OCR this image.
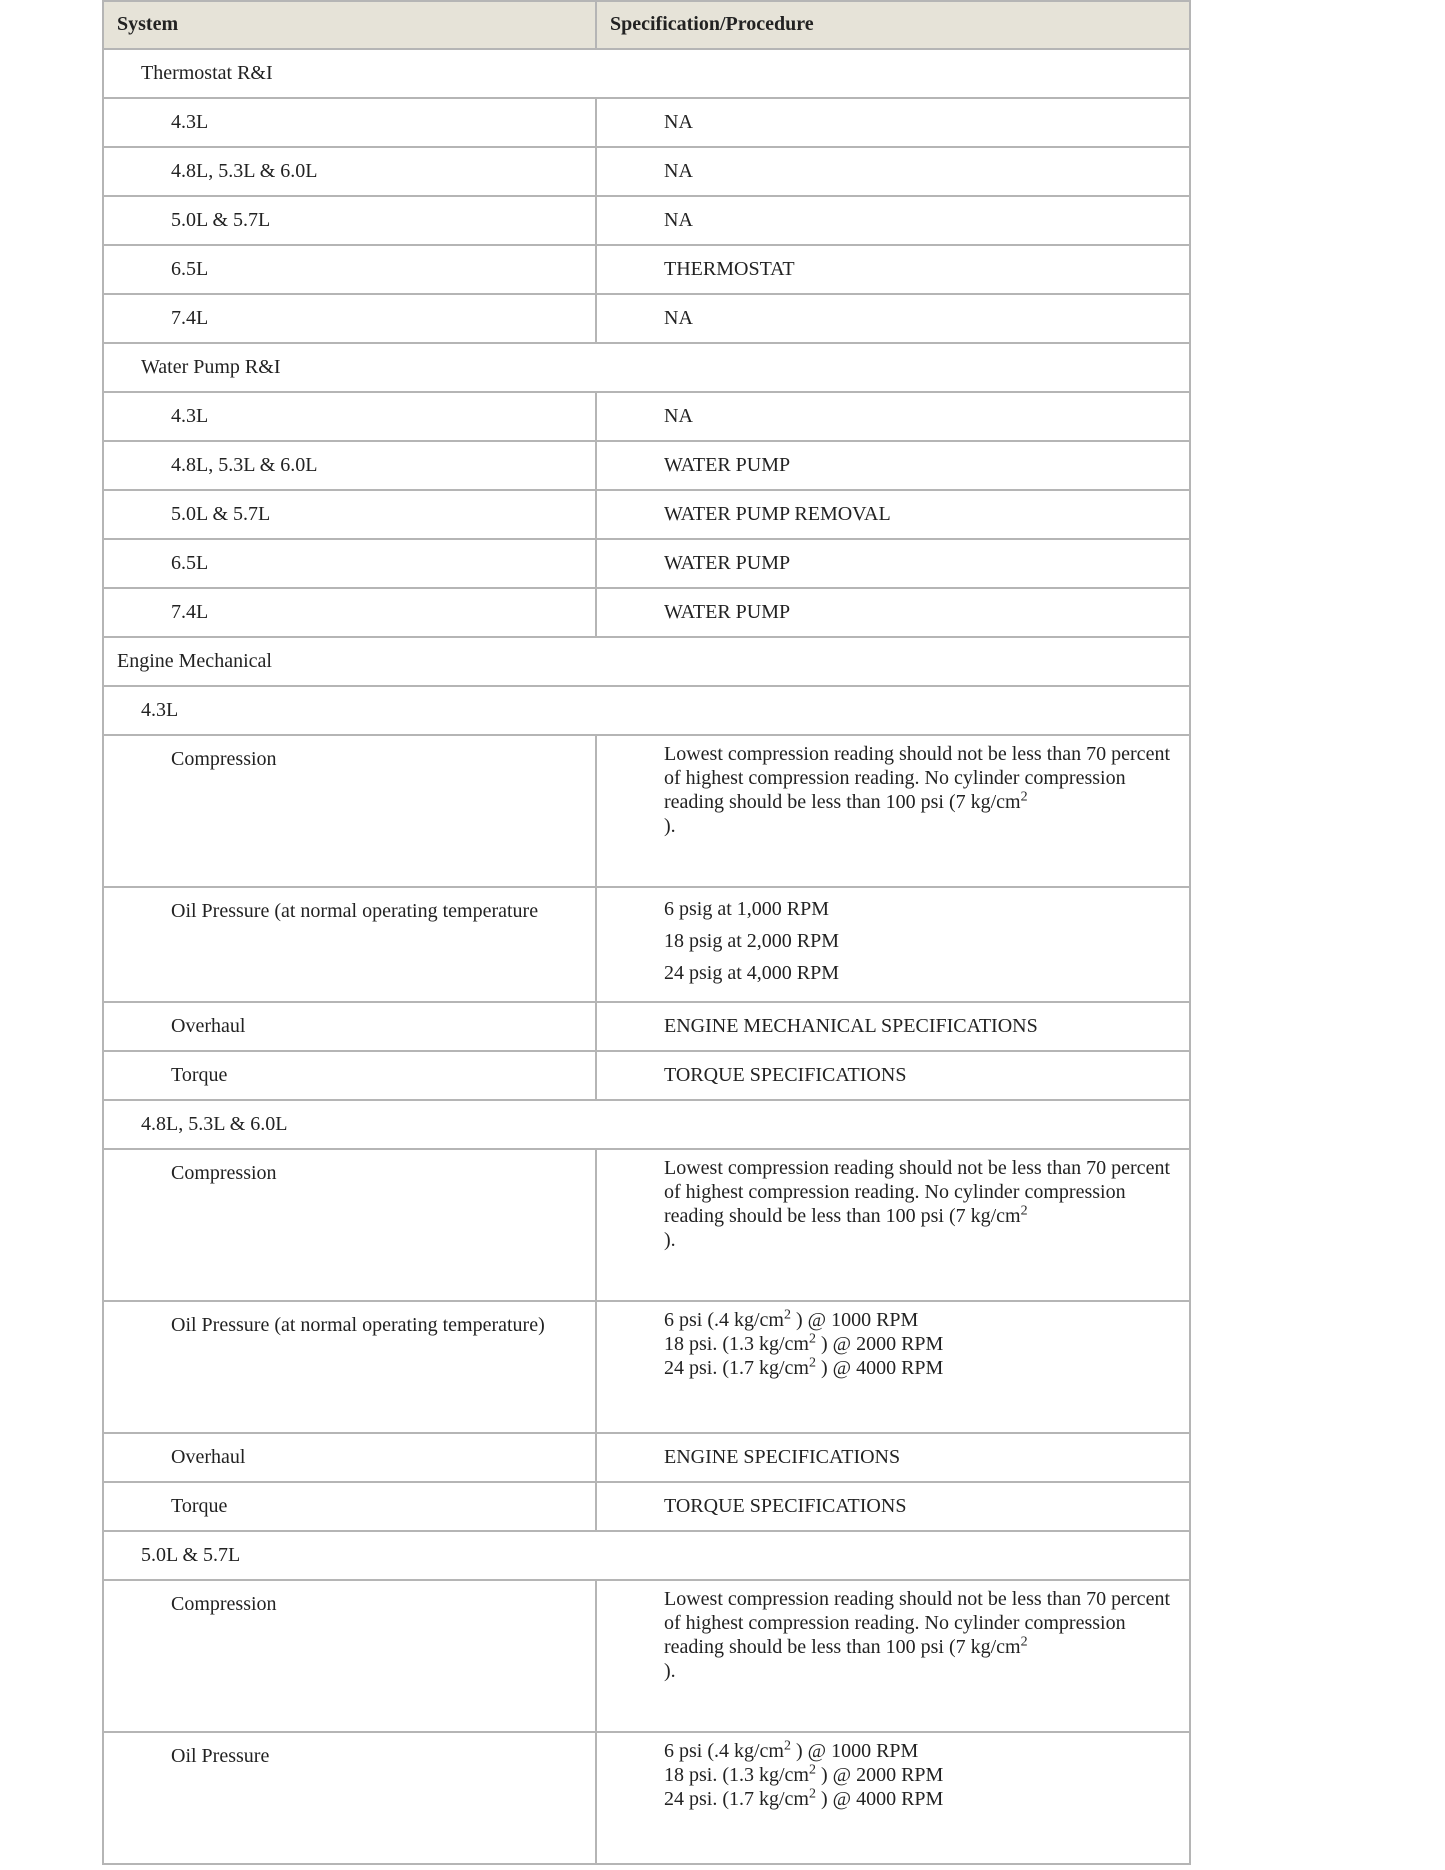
System	Specification/Procedure
Thermostat R&I	
4.3L	NA
4.8L, 5.3L & 6.0L	NA
5.0L & 5.7L	NA
6.5L	THERMOSTAT
7.4L	NA
Water Pump R&I	
4.3L	NA
4.8L, 5.3L & 6.0L	WATER PUMP
5.0L & 5.7L	WATER PUMP REMOVAL
6.5L	WATER PUMP
7.4L	WATER PUMP
Engine Mechanical	
4.3L	
Compression	Lowest compression reading should not be less than 70 percent of highest compression reading. No cylinder compression reading should be less than 100 psi (7 $kg/cm^2$
).
Oil Pressure (at normal operating temperature	6 psig at 1,000 RPM
18 psig at 2,000 RPM
24 psig at 4,000 RPM

Overhaul	ENGINE MECHANICAL SPECIFICATIONS
Torque	TORQUE SPECIFICATIONS
4.8L, 5.3L & 6.0L	
Compression	Lowest compression reading should not be less than 70 percent of highest compression reading. No cylinder compression reading should be less than 100 psi (7 $kg/cm^2$
).
Oil Pressure (at normal operating temperature)	6 psi (.4 $kg/cm^2$ ) @ 1000 RPM
18 psi. (1.3 $kg/cm^2$ ) @ 2000 RPM
24 psi. (1.7 $kg/cm^2$ ) @ 4000 RPM

Overhaul	ENGINE SPECIFICATIONS
Torque	TORQUE SPECIFICATIONS
5.0L & 5.7L	
Compression	Lowest compression reading should not be less than 70 percent of highest compression reading. No cylinder compression reading should be less than 100 psi (7 $kg/cm^2$
).
Oil Pressure	6 psi (.4 $kg/cm^2$ ) @ 1000 RPM
18 psi. (1.3 $kg/cm^2$ ) @ 2000 RPM
24 psi. (1.7 $kg/cm^2$ ) @ 4000 RPM
